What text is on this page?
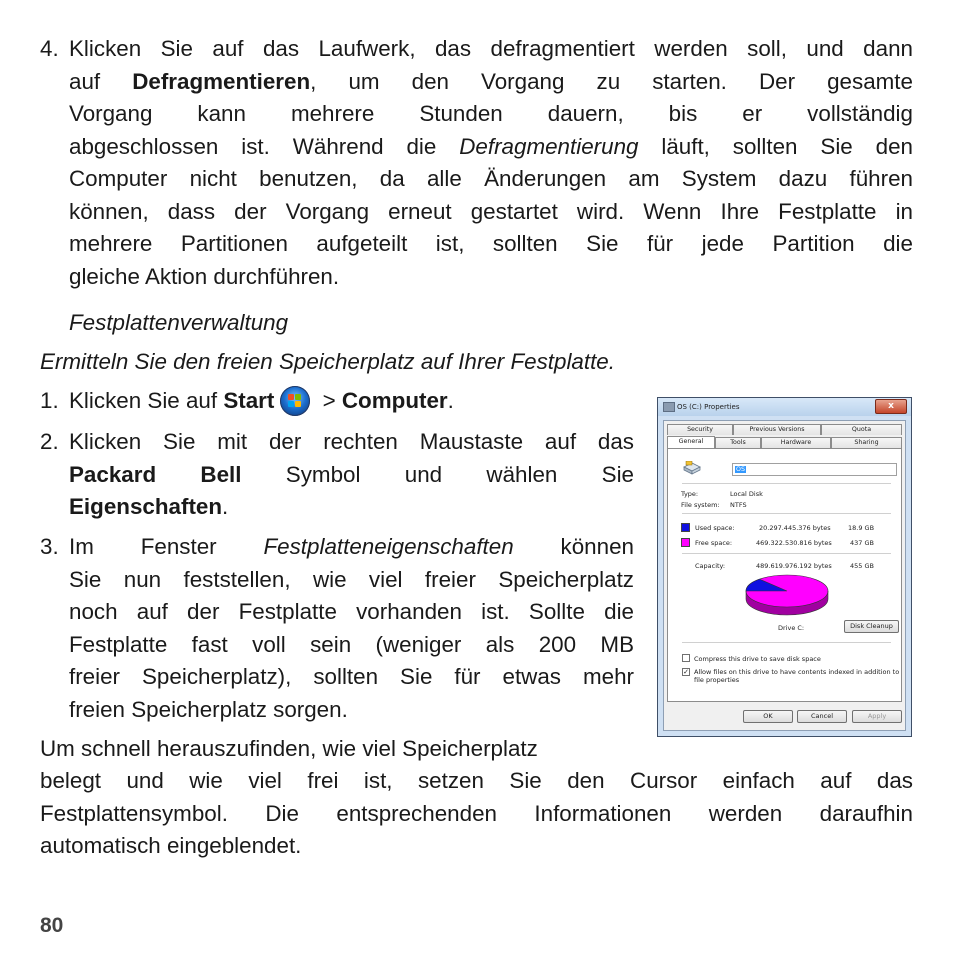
4. Klicken Sie auf das Laufwerk, das defragmentiert werden soll, und dann
auf Defragmentieren, um den Vorgang zu starten. Der gesamte
Vorgang kann mehrere Stunden dauern, bis er vollständig
abgeschlossen ist. Während die Defragmentierung läuft, sollten Sie den
Computer nicht benutzen, da alle Änderungen am System dazu führen
können, dass der Vorgang erneut gestartet wird. Wenn Ihre Festplatte in
mehrere Partitionen aufgeteilt ist, sollten Sie für jede Partition die
gleiche Aktion durchführen.
Festplattenverwaltung
Ermitteln Sie den freien Speicherplatz auf Ihrer Festplatte.
1. Klicken Sie auf Start
> Computer.
2. Klicken Sie mit der rechten Maustaste auf das
Packard Bell Symbol und wählen Sie
Eigenschaften.
3. Im Fenster Festplatteneigenschaften können
Sie nun feststellen, wie viel freier Speicherplatz
noch auf der Festplatte vorhanden ist. Sollte die
Festplatte fast voll sein (weniger als 200 MB
freier Speicherplatz), sollten Sie für etwas mehr
freien Speicherplatz sorgen.
Um schnell herauszufinden, wie viel Speicherplatz
belegt und wie viel frei ist, setzen Sie den Cursor einfach auf das
Festplattensymbol. Die entsprechenden Informationen werden daraufhin
automatisch eingeblendet.
80
OS (C:) Properties	x
Security	Previous Versions	Quota
General	Tools	Hardware	Sharing
OS
Type:	Local Disk
File system: NTFS
Used space:	20.297.445.376 bytes	18.9 GB
Free space:	469.322.530.816 bytes	437 GB
Capacity:	489.619.976.192 bytes	455 GB
Drive C:	Disk Cleanup
Compress this drive to save disk space
✓ Allow files on this drive to have contents indexed in addition to
file properties
OK	Cancel	Apply
